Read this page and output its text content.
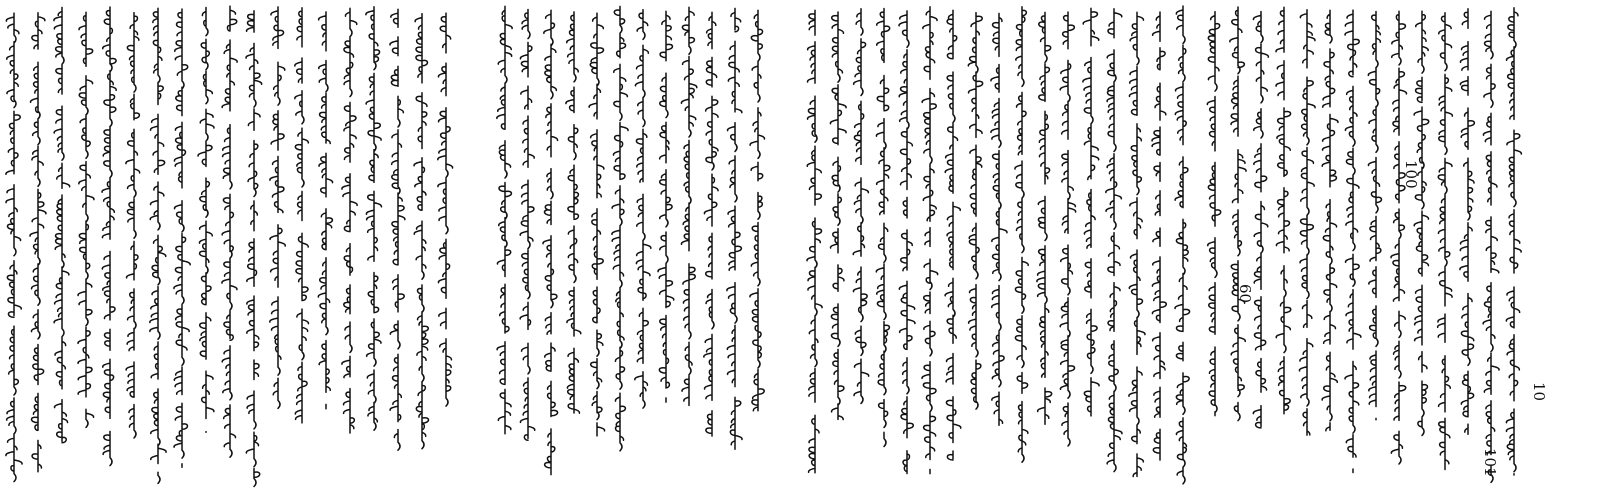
101
100
10
60
